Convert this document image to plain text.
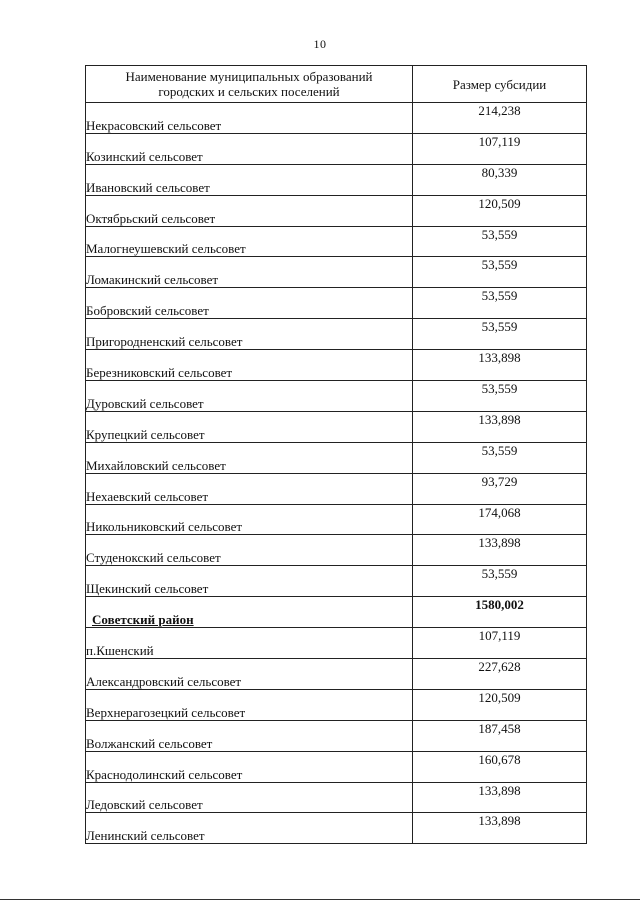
10
Наименование муниципальных образований
городских и сельских поселений	Размер субсидии
Некрасовский сельсовет	214,238
Козинский сельсовет	107,119
Ивановский сельсовет	80,339
Октябрьский сельсовет	120,509
Малогнеушевский сельсовет	53,559
Ломакинский сельсовет	53,559
Бобровский сельсовет	53,559
Пригородненский сельсовет	53,559
Березниковский сельсовет	133,898
Дуровский сельсовет	53,559
Крупецкий сельсовет	133,898
Михайловский сельсовет	53,559
Нехаевский сельсовет	93,729
Никольниковский сельсовет	174,068
Студенокский сельсовет	133,898
Щекинский сельсовет	53,559
Советский район	1580,002
п.Кшенский	107,119
Александровский сельсовет	227,628
Верхнерагозецкий сельсовет	120,509
Волжанский сельсовет	187,458
Краснодолинский сельсовет	160,678
Ледовский сельсовет	133,898
Ленинский сельсовет	133,898
